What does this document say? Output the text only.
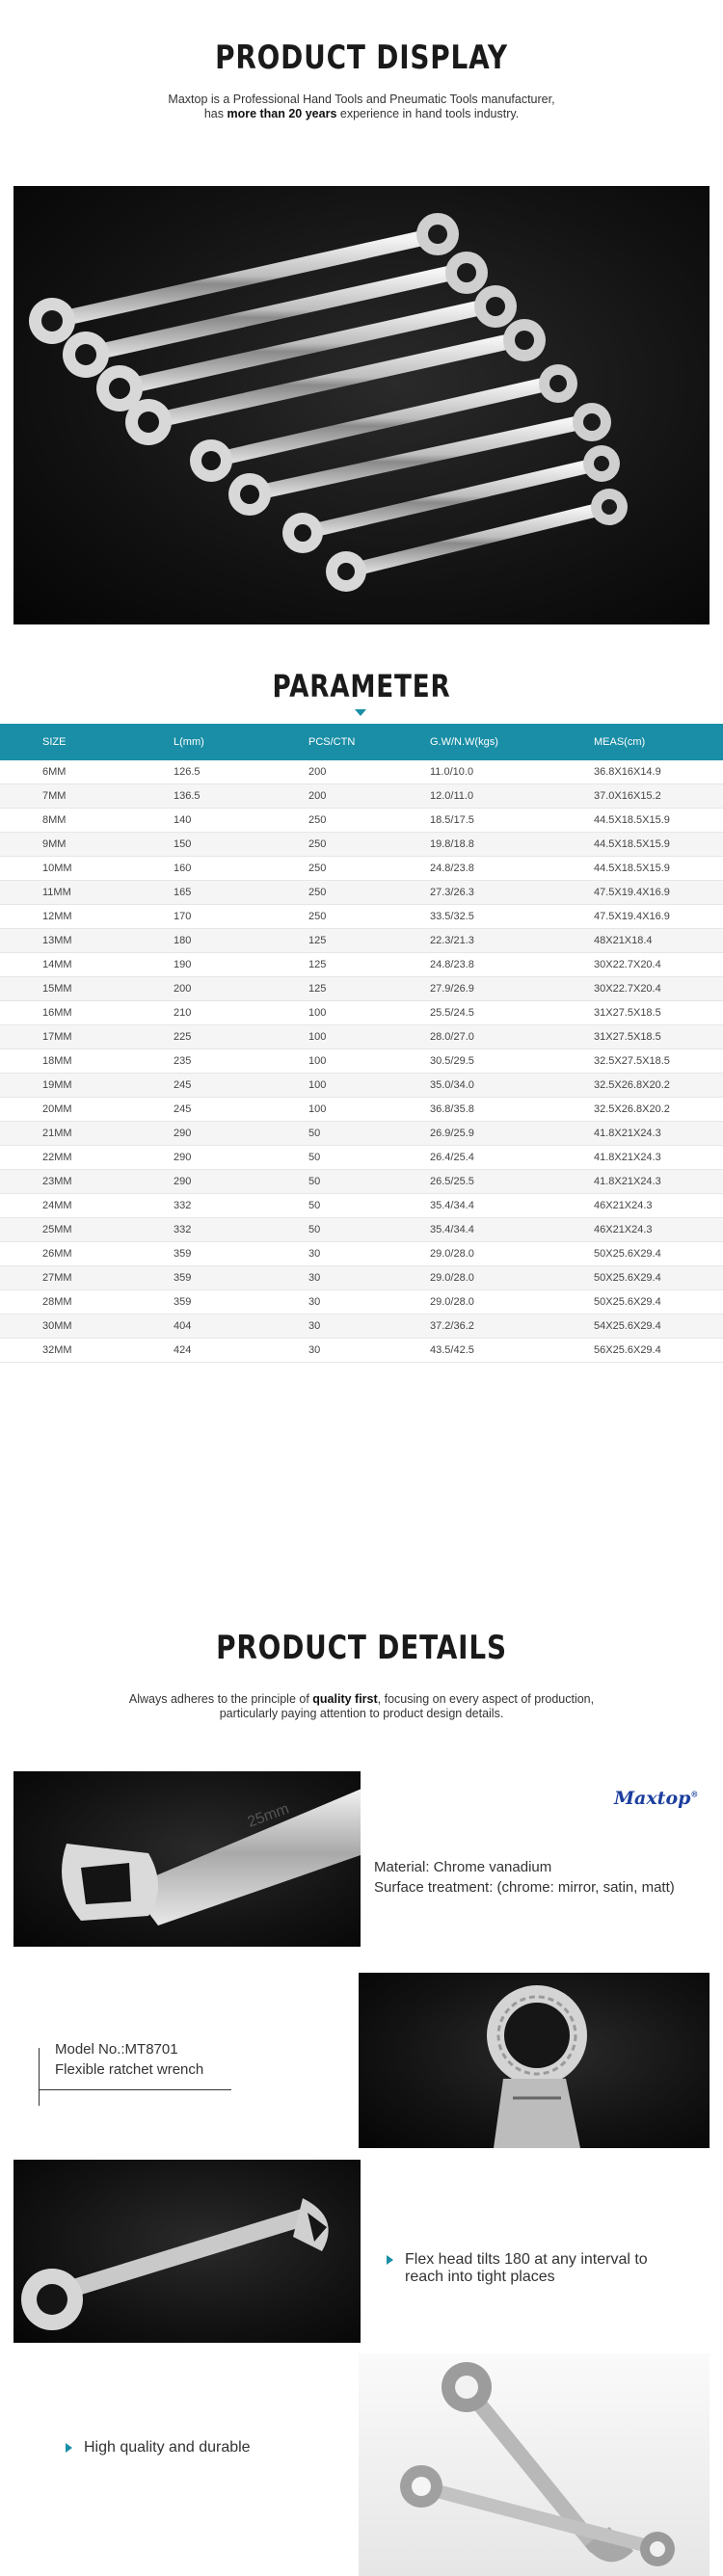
PRODUCT DISPLAY
Maxtop is a Professional Hand Tools and Pneumatic Tools manufacturer,
has more than 20 years experience in hand tools industry.
PARAMETER
SIZE	L(mm)	PCS/CTN	G.W/N.W(kgs)	MEAS(cm)
6MM	126.5	200	11.0/10.0	36.8X16X14.9
7MM	136.5	200	12.0/11.0	37.0X16X15.2
8MM	140	250	18.5/17.5	44.5X18.5X15.9
9MM	150	250	19.8/18.8	44.5X18.5X15.9
10MM	160	250	24.8/23.8	44.5X18.5X15.9
11MM	165	250	27.3/26.3	47.5X19.4X16.9
12MM	170	250	33.5/32.5	47.5X19.4X16.9
13MM	180	125	22.3/21.3	48X21X18.4
14MM	190	125	24.8/23.8	30X22.7X20.4
15MM	200	125	27.9/26.9	30X22.7X20.4
16MM	210	100	25.5/24.5	31X27.5X18.5
17MM	225	100	28.0/27.0	31X27.5X18.5
18MM	235	100	30.5/29.5	32.5X27.5X18.5
19MM	245	100	35.0/34.0	32.5X26.8X20.2
20MM	245	100	36.8/35.8	32.5X26.8X20.2
21MM	290	50	26.9/25.9	41.8X21X24.3
22MM	290	50	26.4/25.4	41.8X21X24.3
23MM	290	50	26.5/25.5	41.8X21X24.3
24MM	332	50	35.4/34.4	46X21X24.3
25MM	332	50	35.4/34.4	46X21X24.3
26MM	359	30	29.0/28.0	50X25.6X29.4
27MM	359	30	29.0/28.0	50X25.6X29.4
28MM	359	30	29.0/28.0	50X25.6X29.4
30MM	404	30	37.2/36.2	54X25.6X29.4
32MM	424	30	43.5/42.5	56X25.6X29.4
PRODUCT DETAILS
Always adheres to the principle of quality first, focusing on every aspect of production,
particularly paying attention to product design details.
25mm
Maxtop®
Material: Chrome vanadium
Surface treatment: (chrome: mirror, satin, matt)
Model No.:MT8701
Flexible ratchet wrench
Flex head tilts 180 at any interval to
reach into tight places
High quality and durable
